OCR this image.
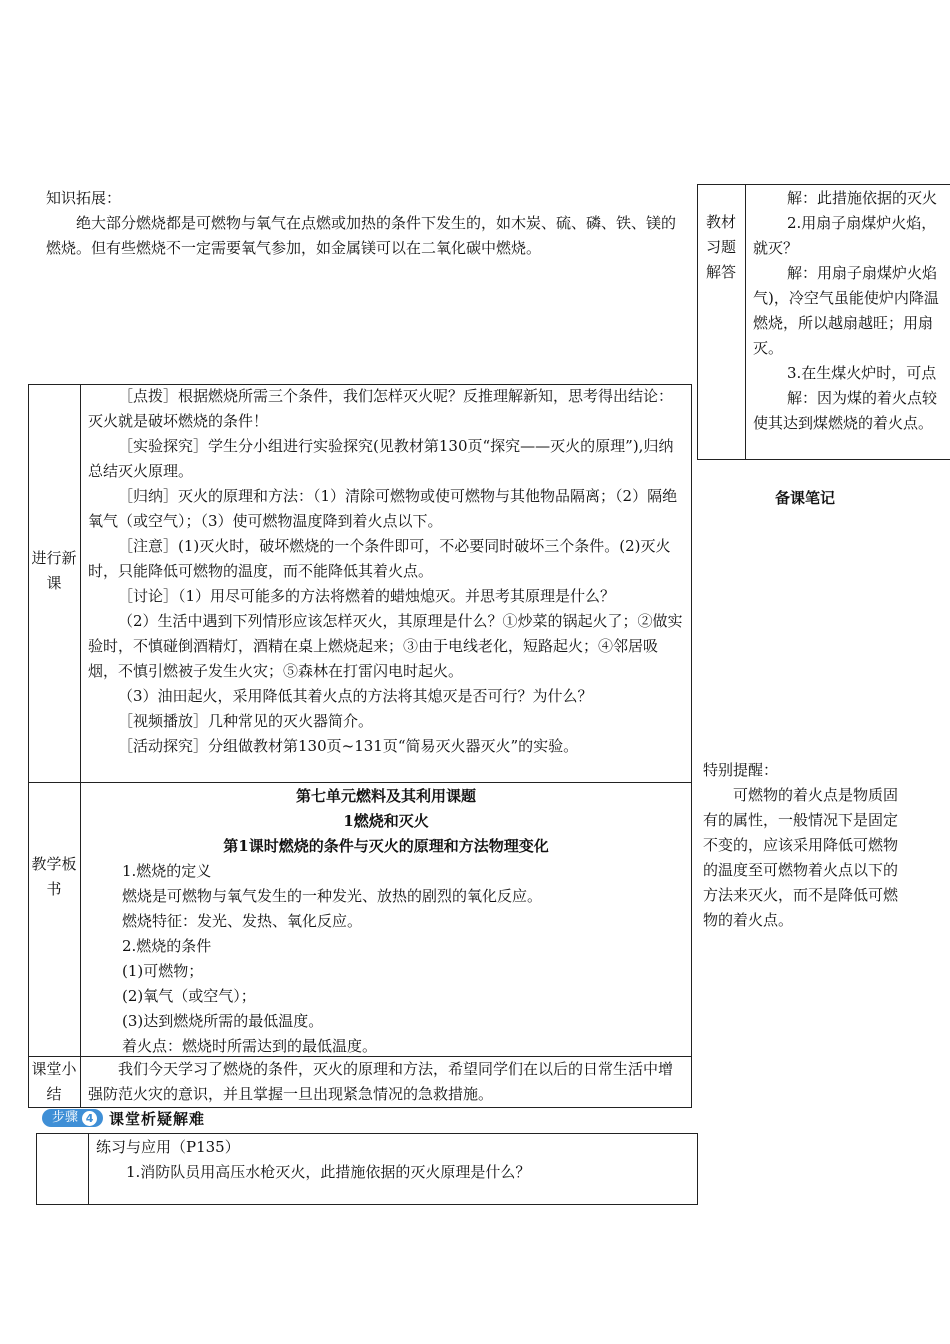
知识拓展：

绝大部分燃烧都是可燃物与氧气在点燃或加热的条件下发生的，如木炭、硫、磷、铁、镁的燃烧。但有些燃烧不一定需要氧气参加，如金属镁可以在二氧化碳中燃烧。

教材习题解答

解：此措施依据的灭火

2.用扇子扇煤炉火焰，

就灭？

解：用扇子扇煤炉火焰

气)，冷空气虽能使炉内降温

燃烧，所以越扇越旺；用扇

灭。

3.在生煤火炉时，可点

解：因为煤的着火点较

使其达到煤燃烧的着火点。

备课笔记

特别提醒：

可燃物的着火点是物质固有的属性，一般情况下是固定不变的，应该采用降低可燃物的温度至可燃物着火点以下的方法来灭火，而不是降低可燃物的着火点。

进行新课

［点拨］根据燃烧所需三个条件，我们怎样灭火呢？反推理解新知，思考得出结论：灭火就是破坏燃烧的条件！

［实验探究］学生分小组进行实验探究(见教材第130页“探究——灭火的原理”),归纳总结灭火原理。

［归纳］灭火的原理和方法：（1）清除可燃物或使可燃物与其他物品隔离；（2）隔绝氧气（或空气）；（3）使可燃物温度降到着火点以下。

［注意］(1)灭火时，破坏燃烧的一个条件即可，不必要同时破坏三个条件。(2)灭火时，只能降低可燃物的温度，而不能降低其着火点。

［讨论］（1）用尽可能多的方法将燃着的蜡烛熄灭。并思考其原理是什么？

（2）生活中遇到下列情形应该怎样灭火，其原理是什么？①炒菜的锅起火了；②做实验时，不慎碰倒酒精灯，酒精在桌上燃烧起来；③由于电线老化，短路起火；④邻居吸烟，不慎引燃被子发生火灾；⑤森林在打雷闪电时起火。

（3）油田起火，采用降低其着火点的方法将其熄灭是否可行？为什么？

［视频播放］几种常见的灭火器简介。

［活动探究］分组做教材第130页~131页“简易灭火器灭火”的实验。

教学板书

第七单元燃料及其利用课题

1燃烧和灭火

第1课时燃烧的条件与灭火的原理和方法物理变化

1.燃烧的定义

燃烧是可燃物与氧气发生的一种发光、放热的剧烈的氧化反应。

燃烧特征：发光、发热、氧化反应。

2.燃烧的条件

(1)可燃物；

(2)氧气（或空气）；

(3)达到燃烧所需的最低温度。

着火点：燃烧时所需达到的最低温度。

课堂小结

我们今天学习了燃烧的条件，灭火的原理和方法，希望同学们在以后的日常生活中增强防范火灾的意识，并且掌握一旦出现紧急情况的急救措施。

步骤 4 课堂析疑解难

练习与应用（P135）

1.消防队员用高压水枪灭火，此措施依据的灭火原理是什么？
